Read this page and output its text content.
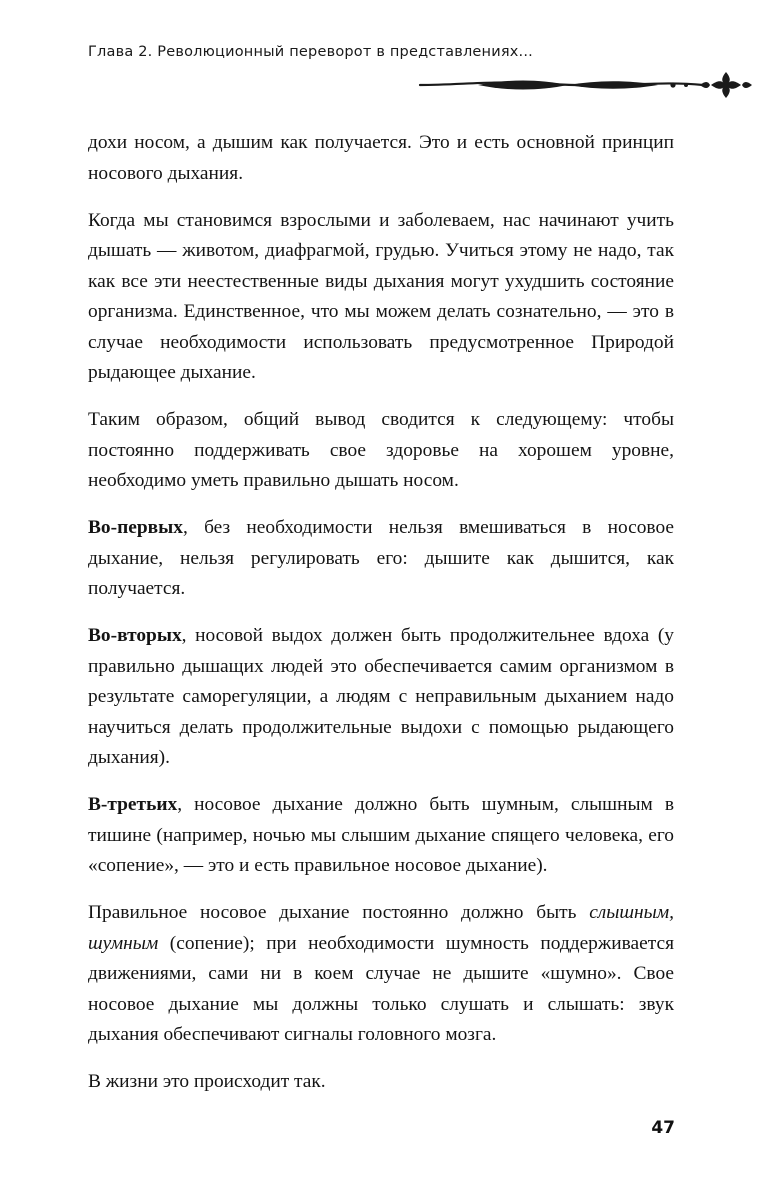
Глава 2. Революционный переворот в представлениях...

дохи носом, а дышим как получается. Это и есть основной принцип носового дыхания.

Когда мы становимся взрослыми и заболеваем, нас начинают учить дышать — животом, диафрагмой, грудью. Учиться этому не надо, так как все эти неестественные виды дыхания могут ухудшить состояние организма. Единственное, что мы можем делать сознательно, — это в случае необходимости использовать предусмотренное Природой рыдающее дыхание.

Таким образом, общий вывод сводится к следующему: чтобы постоянно поддерживать свое здоровье на хорошем уровне, необходимо уметь правильно дышать носом.

Во-первых, без необходимости нельзя вмешиваться в носовое дыхание, нельзя регулировать его: дышите как дышится, как получается.

Во-вторых, носовой выдох должен быть продолжительнее вдоха (у правильно дышащих людей это обеспечивается самим организмом в результате саморегуляции, а людям с неправильным дыханием надо научиться делать продолжительные выдохи с помощью рыдающего дыхания).

В-третьих, носовое дыхание должно быть шумным, слышным в тишине (например, ночью мы слышим дыхание спящего человека, его «сопение», — это и есть правильное носовое дыхание).

Правильное носовое дыхание постоянно должно быть слышным, шумным (сопение); при необходимости шумность поддерживается движениями, сами ни в коем случае не дышите «шумно». Свое носовое дыхание мы должны только слушать и слышать: звук дыхания обеспечивают сигналы головного мозга.

В жизни это происходит так.

47
